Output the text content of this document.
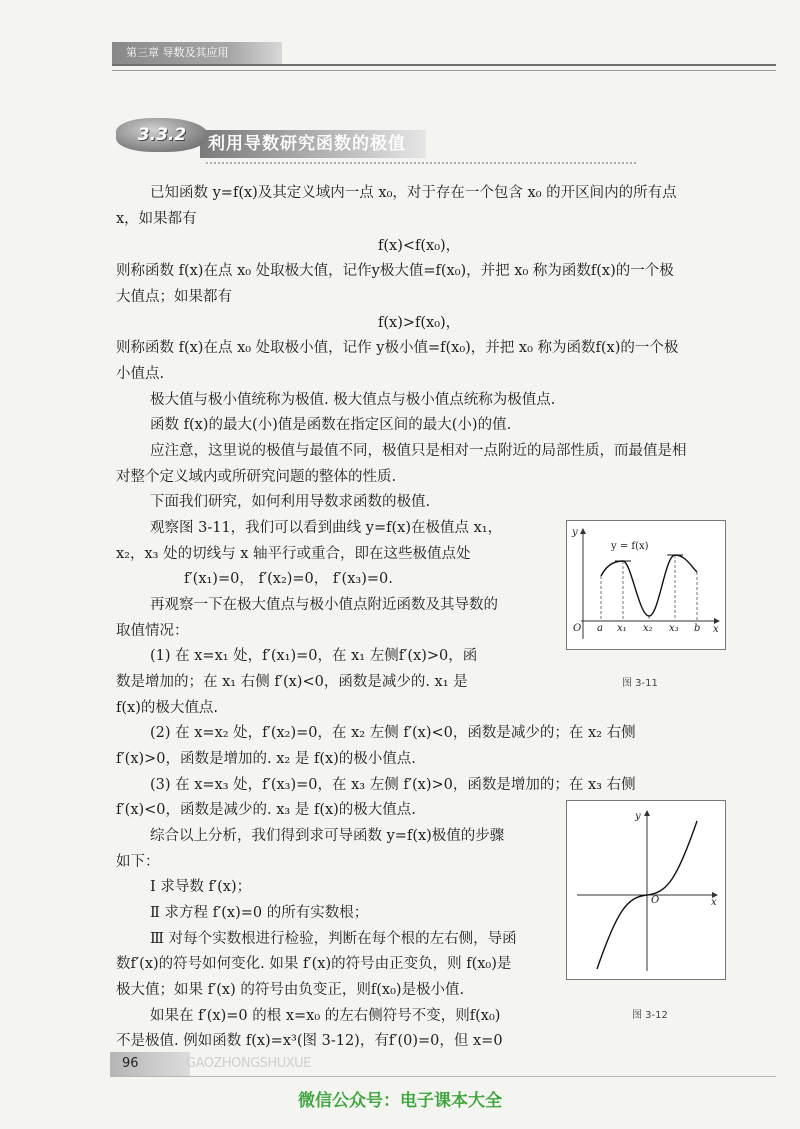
第三章 导数及其应用
3.3.2	利用导数研究函数的极值
已知函数 y=f(x)及其定义域内一点 x₀，对于存在一个包含 x₀ 的开区间内的所有点
x，如果都有
f(x)<f(x₀)，
则称函数 f(x)在点 x₀ 处取极大值，记作y极大值=f(x₀)，并把 x₀ 称为函数f(x)的一个极
大值点；如果都有
f(x)>f(x₀)，
则称函数 f(x)在点 x₀ 处取极小值，记作 y极小值=f(x₀)，并把 x₀ 称为函数f(x)的一个极
小值点.
极大值与极小值统称为极值. 极大值点与极小值点统称为极值点.
函数 f(x)的最大(小)值是函数在指定区间的最大(小)的值.
应注意，这里说的极值与最值不同，极值只是相对一点附近的局部性质，而最值是相
对整个定义域内或所研究问题的整体的性质.
下面我们研究，如何利用导数求函数的极值.
观察图 3-11，我们可以看到曲线 y=f(x)在极值点 x₁，
x₂，x₃ 处的切线与 x 轴平行或重合，即在这些极值点处
f′(x₁)=0， f′(x₂)=0， f′(x₃)=0.
再观察一下在极大值点与极小值点附近函数及其导数的
取值情况：
(1) 在 x=x₁ 处，f′(x₁)=0，在 x₁ 左侧f′(x)>0，函
数是增加的；在 x₁ 右侧 f′(x)<0，函数是减少的. x₁ 是
f(x)的极大值点.
(2) 在 x=x₂ 处，f′(x₂)=0，在 x₂ 左侧 f′(x)<0，函数是减少的；在 x₂ 右侧
f′(x)>0，函数是增加的. x₂ 是 f(x)的极小值点.
(3) 在 x=x₃ 处，f′(x₃)=0，在 x₃ 左侧 f′(x)>0，函数是增加的；在 x₃ 右侧
f′(x)<0，函数是减少的. x₃ 是 f(x)的极大值点.
综合以上分析，我们得到求可导函数 y=f(x)极值的步骤
如下：
Ⅰ 求导数 f′(x)；
Ⅱ 求方程 f′(x)=0 的所有实数根；
Ⅲ 对每个实数根进行检验，判断在每个根的左右侧，导函
数f′(x)的符号如何变化. 如果 f′(x)的符号由正变负，则 f(x₀)是
极大值；如果 f′(x) 的符号由负变正，则f(x₀)是极小值.
如果在 f′(x)=0 的根 x=x₀ 的左右侧符号不变，则f(x₀)
不是极值. 例如函数 f(x)=x³(图 3-12)，有f′(0)=0，但 x=0
y = f(x)
y
x
O a x₁ x₂ x₃ b
图 3-11
y
x
O
图 3-12
96	GAOZHONGSHUXUE
微信公众号：电子课本大全
